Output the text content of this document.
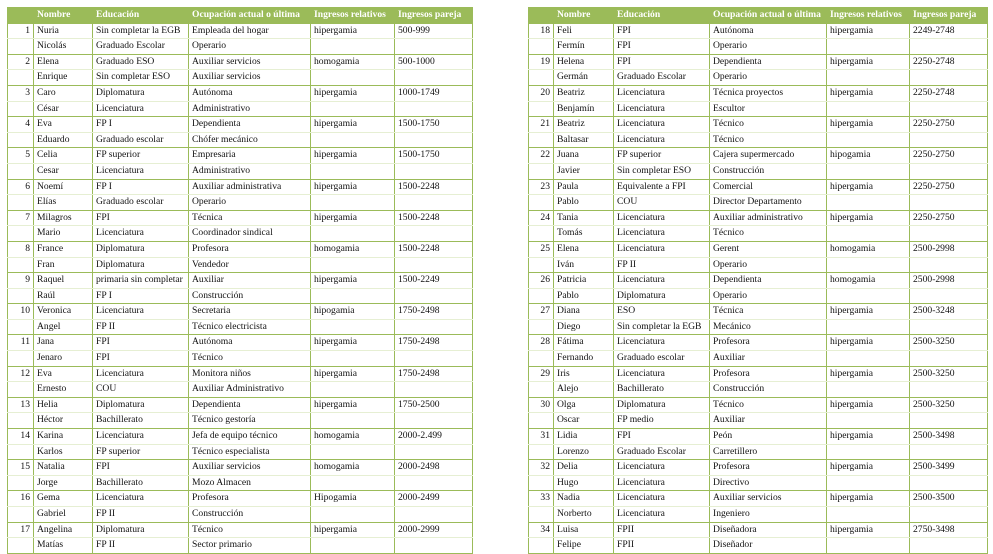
	Nombre	Educación	Ocupación actual o última	Ingresos relativos	Ingresos pareja
1	Nuria	Sin completar la EGB	Empleada del hogar	hipergamia	500-999
	Nicolás	Graduado Escolar	Operario		
2	Elena	Graduado ESO	Auxiliar servicios	homogamia	500-1000
	Enrique	Sin completar ESO	Auxiliar servicios		
3	Caro	Diplomatura	Autónoma	hipergamia	1000-1749
	César	Licenciatura	Administrativo		
4	Eva	FP I	Dependienta	hipergamia	1500-1750
	Eduardo	Graduado escolar	Chófer mecánico		
5	Celia	FP superior	Empresaria	hipergamia	1500-1750
	Cesar	Licenciatura	Administrativo		
6	Noemí	FP I	Auxiliar administrativa	hipergamia	1500-2248
	Elías	Graduado escolar	Operario		
7	Milagros	FPI	Técnica	hipergamia	1500-2248
	Mario	Licenciatura	Coordinador sindical		
8	France	Diplomatura	Profesora	homogamia	1500-2248
	Fran	Diplomatura	Vendedor		
9	Raquel	primaria sin completar	Auxiliar	hipergamia	1500-2249
	Raúl	FP I	Construcción		
10	Veronica	Licenciatura	Secretaria	hipogamia	1750-2498
	Angel	FP II	Técnico electricista		
11	Jana	FPI	Autónoma	hipergamia	1750-2498
	Jenaro	FPI	Técnico		
12	Eva	Licenciatura	Monitora niños	hipergamia	1750-2498
	Ernesto	COU	Auxiliar Administrativo		
13	Helia	Diplomatura	Dependienta	hipergamia	1750-2500
	Héctor	Bachillerato	Técnico gestoría		
14	Karina	Licenciatura	Jefa de equipo técnico	homogamia	2000-2.499
	Karlos	FP superior	Técnico especialista		
15	Natalia	FPI	Auxiliar servicios	homogamia	2000-2498
	Jorge	Bachillerato	Mozo Almacen		
16	Gema	Licenciatura	Profesora	Hipogamia	2000-2499
	Gabriel	FP II	Construcción		
17	Angelina	Diplomatura	Técnico	hipergamia	2000-2999
	Matías	FP II	Sector primario		
	Nombre	Educación	Ocupación actual o última	Ingresos relativos	Ingresos pareja
18	Feli	FPI	Autónoma	hipergamia	2249-2748
	Fermín	FPI	Operario		
19	Helena	FPI	Dependienta	hipergamia	2250-2748
	Germán	Graduado Escolar	Operario		
20	Beatriz	Licenciatura	Técnica proyectos	hipergamia	2250-2748
	Benjamín	Licenciatura	Escultor		
21	Beatriz	Licenciatura	Técnico	hipergamia	2250-2750
	Baltasar	Licenciatura	Técnico		
22	Juana	FP superior	Cajera supermercado	hipogamia	2250-2750
	Javier	Sin completar ESO	Construcción		
23	Paula	Equivalente a FPI	Comercial	hipergamia	2250-2750
	Pablo	COU	Director Departamento		
24	Tania	Licenciatura	Auxiliar administrativo	hipergamia	2250-2750
	Tomás	Licenciatura	Técnico		
25	Elena	Licenciatura	Gerent	homogamia	2500-2998
	Iván	FP II	Operario		
26	Patricia	Licenciatura	Dependienta	homogamia	2500-2998
	Pablo	Diplomatura	Operario		
27	Diana	ESO	Técnica	hipergamia	2500-3248
	Diego	Sin completar la EGB	Mecánico		
28	Fátima	Licenciatura	Profesora	hipergamia	2500-3250
	Fernando	Graduado escolar	Auxiliar		
29	Iris	Licenciatura	Profesora	hipergamia	2500-3250
	Alejo	Bachillerato	Construcción		
30	Olga	Diplomatura	Técnico	hipergamia	2500-3250
	Oscar	FP medio	Auxiliar		
31	Lidia	FPI	Peón	hipergamia	2500-3498
	Lorenzo	Graduado Escolar	Carretillero		
32	Delia	Licenciatura	Profesora	hipergamia	2500-3499
	Hugo	Licenciatura	Directivo		
33	Nadia	Licenciatura	Auxiliar servicios	hipergamia	2500-3500
	Norberto	Licenciatura	Ingeniero		
34	Luisa	FPII	Diseñadora	hipergamia	2750-3498
	Felipe	FPII	Diseñador		
